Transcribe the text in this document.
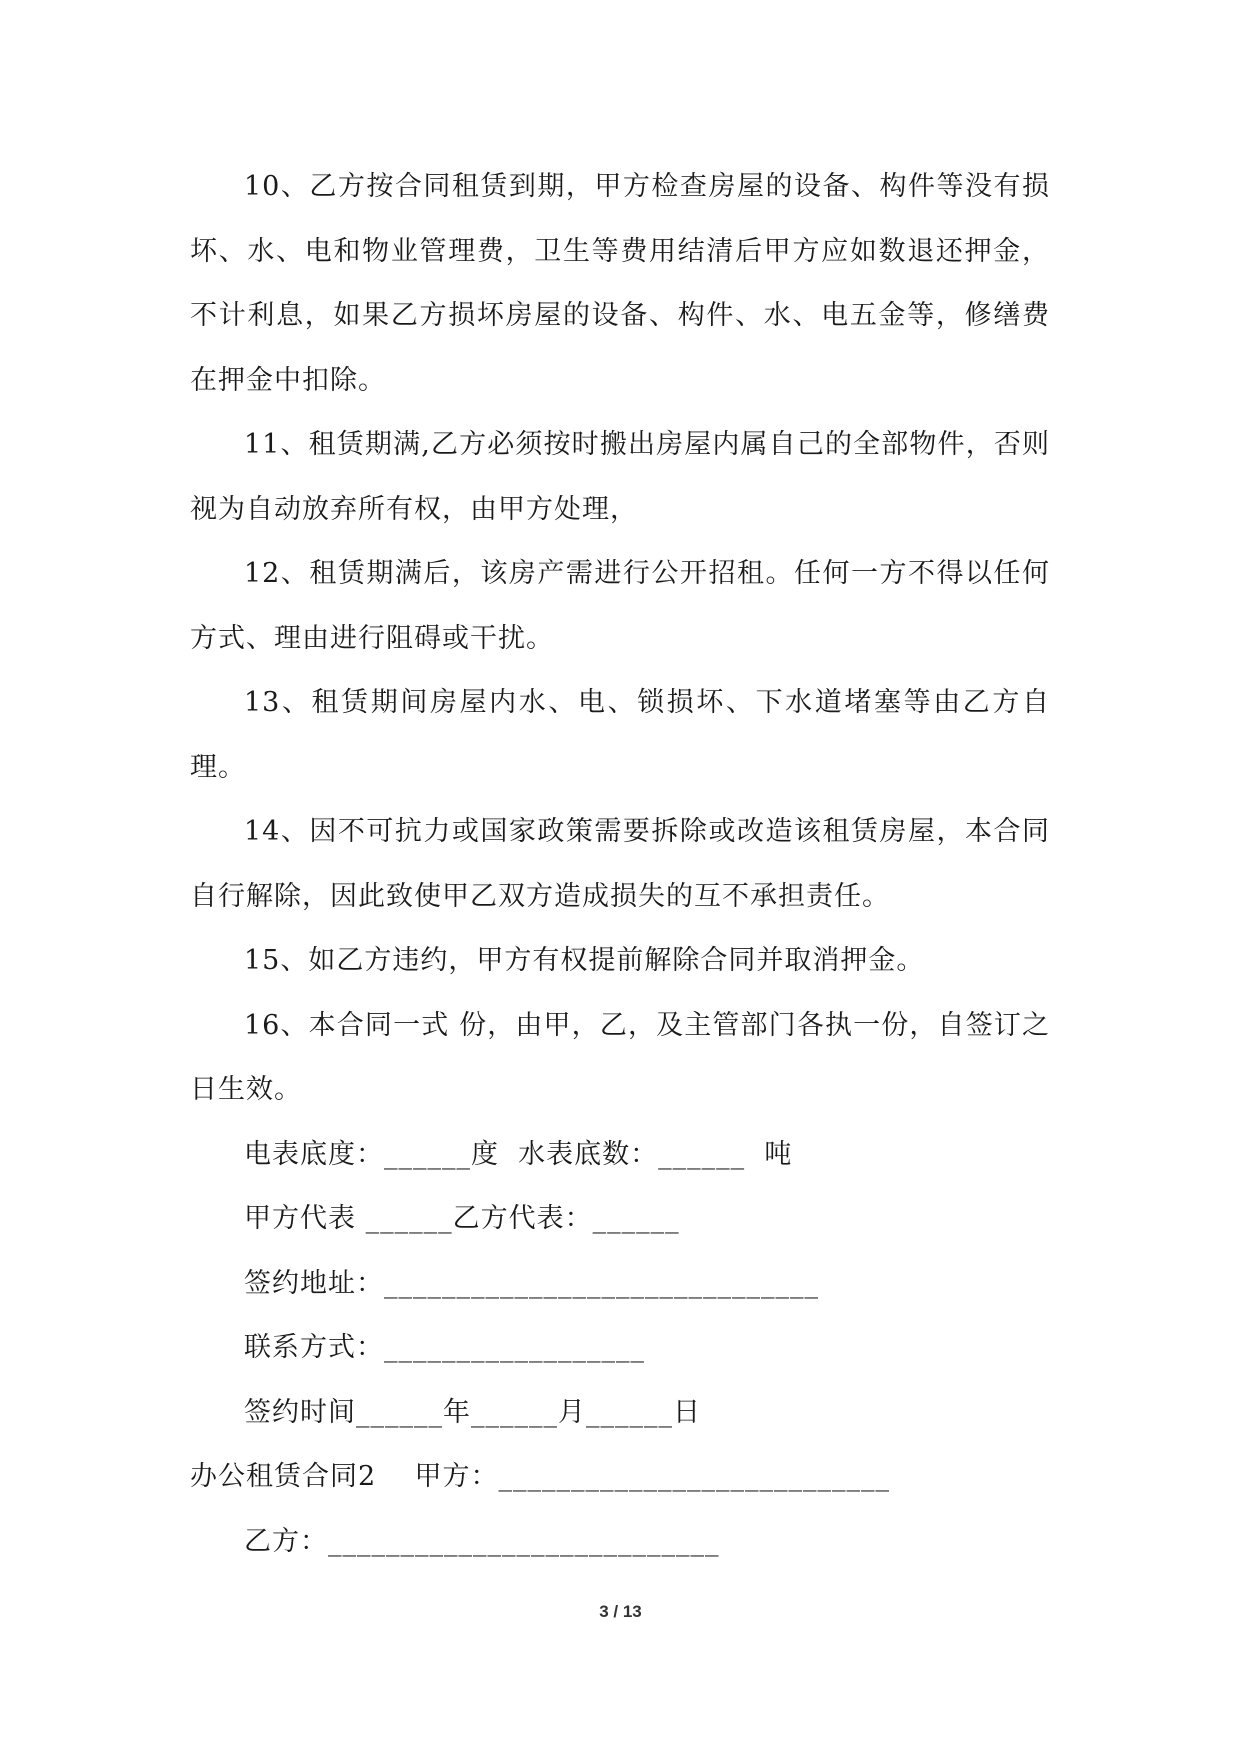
10、乙方按合同租赁到期，甲方检查房屋的设备、构件等没有损坏、水、电和物业管理费，卫生等费用结清后甲方应如数退还押金，不计利息，如果乙方损坏房屋的设备、构件、水、电五金等，修缮费在押金中扣除。

11、租赁期满,乙方必须按时搬出房屋内属自己的全部物件，否则视为自动放弃所有权，由甲方处理，

12、租赁期满后，该房产需进行公开招租。任何一方不得以任何方式、理由进行阻碍或干扰。

13、租赁期间房屋内水、电、锁损坏、下水道堵塞等由乙方自理。

14、因不可抗力或国家政策需要拆除或改造该租赁房屋，本合同自行解除，因此致使甲乙双方造成损失的互不承担责任。

15、如乙方违约，甲方有权提前解除合同并取消押金。

16、本合同一式 份，由甲，乙，及主管部门各执一份，自签订之日生效。

电表底度：______度  水表底数：______  吨

甲方代表 ______乙方代表：______

签约地址：______________________________

联系方式：__________________

签约时间______年______月______日

办公租赁合同2    甲方：___________________________

乙方：___________________________

3 / 13
